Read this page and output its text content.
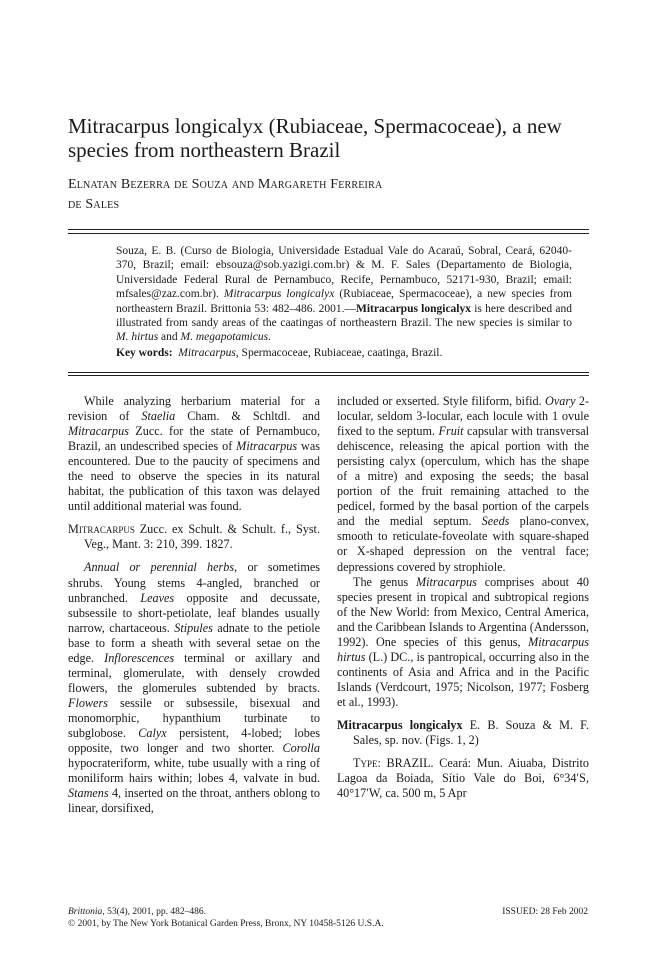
Mitracarpus longicalyx (Rubiaceae, Spermacoceae), a new species from northeastern Brazil
Elnatan Bezerra de Souza and Margareth Ferreira
de Sales
Souza, E. B. (Curso de Biologia, Universidade Estadual Vale do Acaraú, Sobral, Ceará, 62040-370, Brazil; email: ebsouza@sob.yazigi.com.br) & M. F. Sales (Departamento de Biologia, Universidade Federal Rural de Pernambuco, Recife, Pernambuco, 52171-930, Brazil; email: mfsales@zaz.com.br). Mitracarpus longicalyx (Rubiaceae, Spermacoceae), a new species from northeastern Brazil. Brittonia 53: 482–486. 2001.—Mitracarpus longicalyx is here described and illustrated from sandy areas of the caatingas of northeastern Brazil. The new species is similar to M. hirtus and M. megapotamicus.
Key words: Mitracarpus, Spermacoceae, Rubiaceae, caatinga, Brazil.

While analyzing herbarium material for a revision of Staelia Cham. & Schltdl. and Mitracarpus Zucc. for the state of Pernambuco, Brazil, an undescribed species of Mitracarpus was encountered. Due to the paucity of specimens and the need to observe the species in its natural habitat, the publication of this taxon was delayed until additional material was found.

Mitracarpus Zucc. ex Schult. & Schult. f., Syst. Veg., Mant. 3: 210, 399. 1827.

Annual or perennial herbs, or sometimes shrubs. Young stems 4-angled, branched or unbranched. Leaves opposite and decussate, subsessile to short-petiolate, leaf blandes usually narrow, chartaceous. Stipules adnate to the petiole base to form a sheath with several setae on the edge. Inflorescences terminal or axillary and terminal, glomerulate, with densely crowded flowers, the glomerules subtended by bracts. Flowers sessile or subsessile, bisexual and monomorphic, hypanthium turbinate to subglobose. Calyx persistent, 4-lobed; lobes opposite, two longer and two shorter. Corolla hypocrateriform, white, tube usually with a ring of moniliform hairs within; lobes 4, valvate in bud. Stamens 4, inserted on the throat, anthers oblong to linear, dorsifixed,

included or exserted. Style filiform, bifid. Ovary 2-locular, seldom 3-locular, each locule with 1 ovule fixed to the septum. Fruit capsular with transversal dehiscence, releasing the apical portion with the persisting calyx (operculum, which has the shape of a mitre) and exposing the seeds; the basal portion of the fruit remaining attached to the pedicel, formed by the basal portion of the carpels and the medial septum. Seeds plano-convex, smooth to reticulate-foveolate with square-shaped or X-shaped depression on the ventral face; depressions covered by strophiole.

The genus Mitracarpus comprises about 40 species present in tropical and subtropical regions of the New World: from Mexico, Central America, and the Caribbean Islands to Argentina (Andersson, 1992). One species of this genus, Mitracarpus hirtus (L.) DC., is pantropical, occurring also in the continents of Asia and Africa and in the Pacific Islands (Verdcourt, 1975; Nicolson, 1977; Fosberg et al., 1993).

Mitracarpus longicalyx E. B. Souza & M. F. Sales, sp. nov. (Figs. 1, 2)

Type: BRAZIL. Ceará: Mun. Aiuaba, Distrito Lagoa da Boiada, Sítio Vale do Boi, 6°34′S, 40°17′W, ca. 500 m, 5 Apr

Brittonia, 53(4), 2001, pp. 482–486.
© 2001, by The New York Botanical Garden Press, Bronx, NY 10458-5126 U.S.A.
ISSUED: 28 Feb 2002
